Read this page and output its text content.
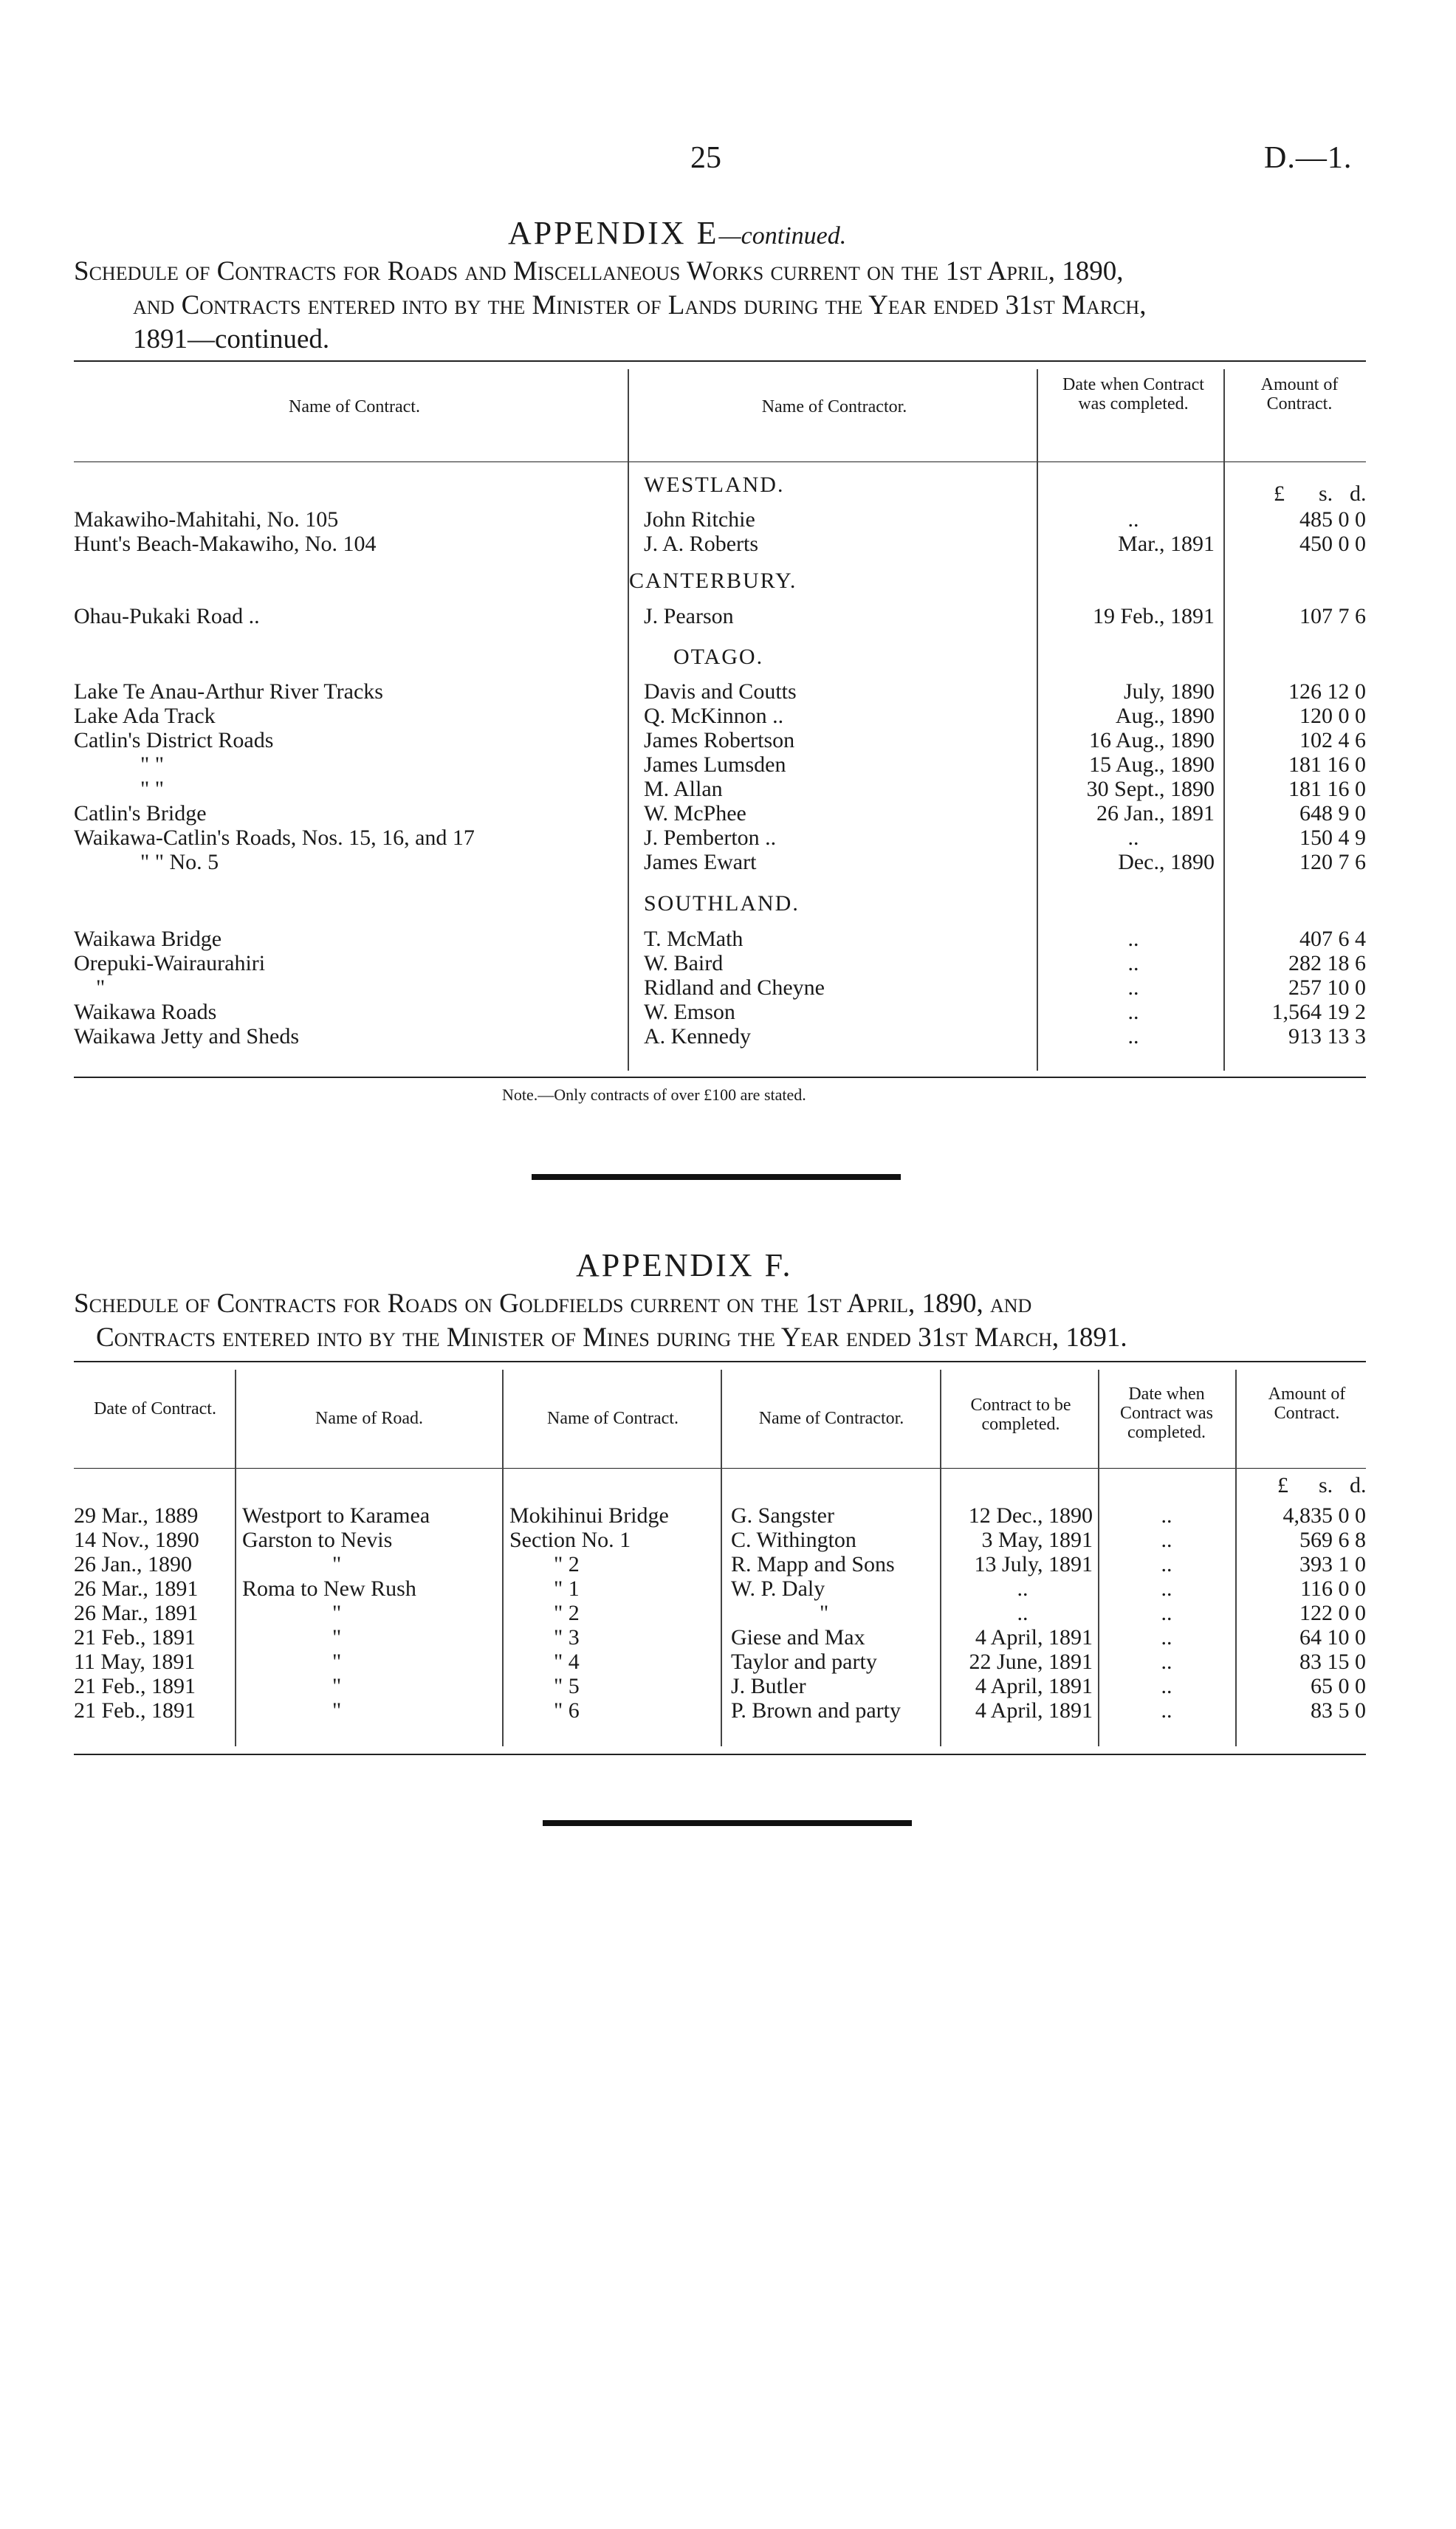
25	D.—1.
APPENDIX E—continued.
Schedule of Contracts for Roads and Miscellaneous Works current on the 1st April, 1890,
and Contracts entered into by the Minister of Lands during the Year ended 31st March,
1891—continued.
Name of Contract.	Name of Contractor.
Date when Contract was completed.
Amount of Contract.
WESTLAND.	£ s. d.
Makawiho-Mahitahi, No. 105	John Ritchie	..	485 0 0
Hunt's Beach-Makawiho, No. 104	J. A. Roberts	Mar., 1891	450 0 0
CANTERBURY.
Ohau-Pukaki Road ..	J. Pearson	19 Feb., 1891	107 7 6
OTAGO.
Lake Te Anau-Arthur River Tracks	Davis and Coutts	July, 1890	126 12 0
Lake Ada Track	Q. McKinnon ..	Aug., 1890	120 0 0
Catlin's District Roads	James Robertson	16 Aug., 1890	102 4 6
" "	James Lumsden	15 Aug., 1890	181 16 0
" "	M. Allan	30 Sept., 1890	181 16 0
Catlin's Bridge	W. McPhee	26 Jan., 1891	648 9 0
Waikawa-Catlin's Roads, Nos. 15, 16, and 17	J. Pemberton ..	..	150 4 9
" " No. 5	James Ewart	Dec., 1890	120 7 6
SOUTHLAND.
Waikawa Bridge	T. McMath	..	407 6 4
Orepuki-Wairaurahiri	W. Baird	..	282 18 6
"	Ridland and Cheyne	..	257 10 0
Waikawa Roads	W. Emson	..	1,564 19 2
Waikawa Jetty and Sheds	A. Kennedy	..	913 13 3
Note.—Only contracts of over £100 are stated.
APPENDIX F.
Schedule of Contracts for Roads on Goldfields current on the 1st April, 1890, and
Contracts entered into by the Minister of Mines during the Year ended 31st March, 1891.
Date of Contract.	Name of Road.	Name of Contract.	Name of Contractor.
Contract to be completed.
Date when Contract was completed.
Amount of Contract.
£ s. d.
29 Mar., 1889 Westport to Karamea	Mokihinui Bridge	G. Sangster	12 Dec., 1890	..	4,835 0 0
14 Nov., 1890 Garston to Nevis	Section No. 1	C. Withington	3 May, 1891	..	569 6 8
26 Jan., 1890	"	" 2	R. Mapp and Sons	13 July, 1891	..	393 1 0
26 Mar., 1891 Roma to New Rush	" 1	W. P. Daly	..	..	116 0 0
26 Mar., 1891	"	" 2	"	..	..	122 0 0
21 Feb., 1891	"	" 3	Giese and Max	4 April, 1891	..	64 10 0
11 May, 1891	"	" 4	Taylor and party	22 June, 1891	..	83 15 0
21 Feb., 1891	"	" 5	J. Butler	4 April, 1891	..	65 0 0
21 Feb., 1891	"	" 6	P. Brown and party	4 April, 1891	..	83 5 0
